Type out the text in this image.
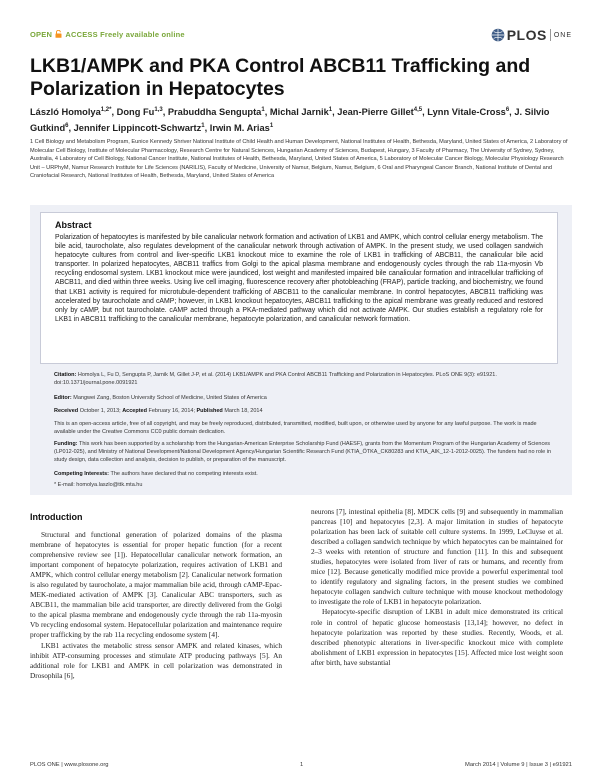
OPEN ACCESS Freely available online	PLOS ONE
LKB1/AMPK and PKA Control ABCB11 Trafficking and Polarization in Hepatocytes
László Homolya$^{1,2*}$, Dong Fu$^{1,3}$, Prabuddha Sengupta$^1$, Michal Jarnik$^1$, Jean-Pierre Gillet$^{4,5}$, Lynn Vitale-Cross$^6$, J. Silvio Gutkind$^6$, Jennifer Lippincott-Schwartz$^1$, Irwin M. Arias$^1$
1 Cell Biology and Metabolism Program, Eunice Kennedy Shriver National Institute of Child Health and Human Development, National Institutes of Health, Bethesda, Maryland, United States of America, 2 Laboratory of Molecular Cell Biology, Institute of Molecular Pharmacology, Research Centre for Natural Sciences, Hungarian Academy of Sciences, Budapest, Hungary, 3 Faculty of Pharmacy, The University of Sydney, Sydney, Australia, 4 Laboratory of Cell Biology, National Cancer Institute, National Institutes of Health, Bethesda, Maryland, United States of America, 5 Laboratory of Molecular Cancer Biology, Molecular Physiology Research Unit – URPhyM, Namur Research Institute for Life Sciences (NARILIS), Faculty of Medicine, University of Namur, Belgium, Namur, Belgium, 6 Oral and Pharyngeal Cancer Branch, National Institute of Dental and Craniofacial Research, National Institutes of Health, Bethesda, Maryland, United States of America
Abstract

Polarization of hepatocytes is manifested by bile canalicular network formation and activation of LKB1 and AMPK, which control cellular energy metabolism. The bile acid, taurocholate, also regulates development of the canalicular network through activation of AMPK. In the present study, we used collagen sandwich hepatocyte cultures from control and liver-specific LKB1 knockout mice to examine the role of LKB1 in trafficking of ABCB11, the canalicular bile acid transporter. In polarized hepatocytes, ABCB11 traffics from Golgi to the apical plasma membrane and endogenously cycles through the rab 11a-myosin Vb recycling endosomal system. LKB1 knockout mice were jaundiced, lost weight and manifested impaired bile canalicular formation and intracellular trafficking of ABCB11, and died within three weeks. Using live cell imaging, fluorescence recovery after photobleaching (FRAP), particle tracking, and biochemistry, we found that LKB1 activity is required for microtubule-dependent trafficking of ABCB11 to the canalicular membrane. In control hepatocytes, ABCB11 trafficking was accelerated by taurocholate and cAMP; however, in LKB1 knockout hepatocytes, ABCB11 trafficking to the apical membrane was greatly reduced and restored only by cAMP, but not taurocholate. cAMP acted through a PKA-mediated pathway which did not activate AMPK. Our studies establish a regulatory role for LKB1 in ABCB11 trafficking to the canalicular membrane, hepatocyte polarization, and canalicular network formation.

Citation: Homolya L, Fu D, Sengupta P, Jarnik M, Gillet J-P, et al. (2014) LKB1/AMPK and PKA Control ABCB11 Trafficking and Polarization in Hepatocytes. PLoS ONE 9(3): e91921. doi:10.1371/journal.pone.0091921
Editor: Mangwei Zang, Boston University School of Medicine, United States of America
Received October 1, 2013; Accepted February 16, 2014; Published March 18, 2014
This is an open-access article, free of all copyright, and may be freely reproduced, distributed, transmitted, modified, built upon, or otherwise used by anyone for any lawful purpose. The work is made available under the Creative Commons CC0 public domain dedication.
Funding: This work has been supported by a scholarship from the Hungarian-American Enterprise Scholarship Fund (HAESF), grants from the Momentum Program of the Hungarian Academy of Sciences (LP012-025), and Ministry of National Development/National Development Agency/Hungarian Scientific Research Fund (KTIA_ÖTKA_CK80283 and KTIA_AIK_12-1-2012-0025). The funders had no role in study design, data collection and analysis, decision to publish, or preparation of the manuscript.
Competing Interests: The authors have declared that no competing interests exist.
* E-mail: homolya.laszlo@ttk.mta.hu
Introduction

Structural and functional generation of polarized domains of the plasma membrane of hepatocytes is essential for proper hepatic function (for a recent comprehensive review see [1]). Hepatocellular canalicular network formation, an important component of hepatocyte polarization, requires activation of LKB1 and AMPK, which control cellular energy metabolism [2]. Canalicular network formation is also regulated by taurocholate, a major mammalian bile acid, through cAMP-Epac-MEK-mediated activation of AMPK [3]. Canalicular ABC transporters, such as ABCB11, the mammalian bile acid transporter, are directly delivered from the Golgi to the apical plasma membrane and endogenously cycle through the rab 11a-myosin Vb recycling endosomal system. Hepatocellular polarization and maintenance require proper trafficking by the rab 11a recycling endosome system [4].

LKB1 activates the metabolic stress sensor AMPK and related kinases, which inhibit ATP-consuming processes and stimulate ATP producing pathways [5]. An additional role for LKB1 and AMPK in cell polarization was demonstrated in Drosophila [6],

neurons [7], intestinal epithelia [8], MDCK cells [9] and subsequently in mammalian pancreas [10] and hepatocytes [2,3]. A major limitation in studies of hepatocyte polarization has been lack of suitable cell culture systems. In 1999, LeCluyse et al. described a collagen sandwich technique by which hepatocytes can be maintained for 2–3 weeks with retention of structure and function [11]. In this and subsequent studies, hepatocytes were isolated from liver of rats or humans, and recently from mice [12]. Because genetically modified mice provide a powerful experimental tool to identify regulatory and signaling factors, in the present studies we combined hepatocyte collagen sandwich culture technique with mouse knockout methodology to investigate the role of LKB1 in hepatocyte polarization.

Hepatocyte-specific disruption of LKB1 in adult mice demonstrated its critical role in control of hepatic glucose homeostasis [13,14]; however, no defect in hepatocyte polarization was reported by these studies. Recently, Woods, et al. described phenotypic alterations in liver-specific knockout mice with complete abolishment of LKB1 expression in hepatocytes [15]. Affected mice lost weight soon after birth, have substantial

PLOS ONE | www.plosone.org	1	March 2014 | Volume 9 | Issue 3 | e91921
